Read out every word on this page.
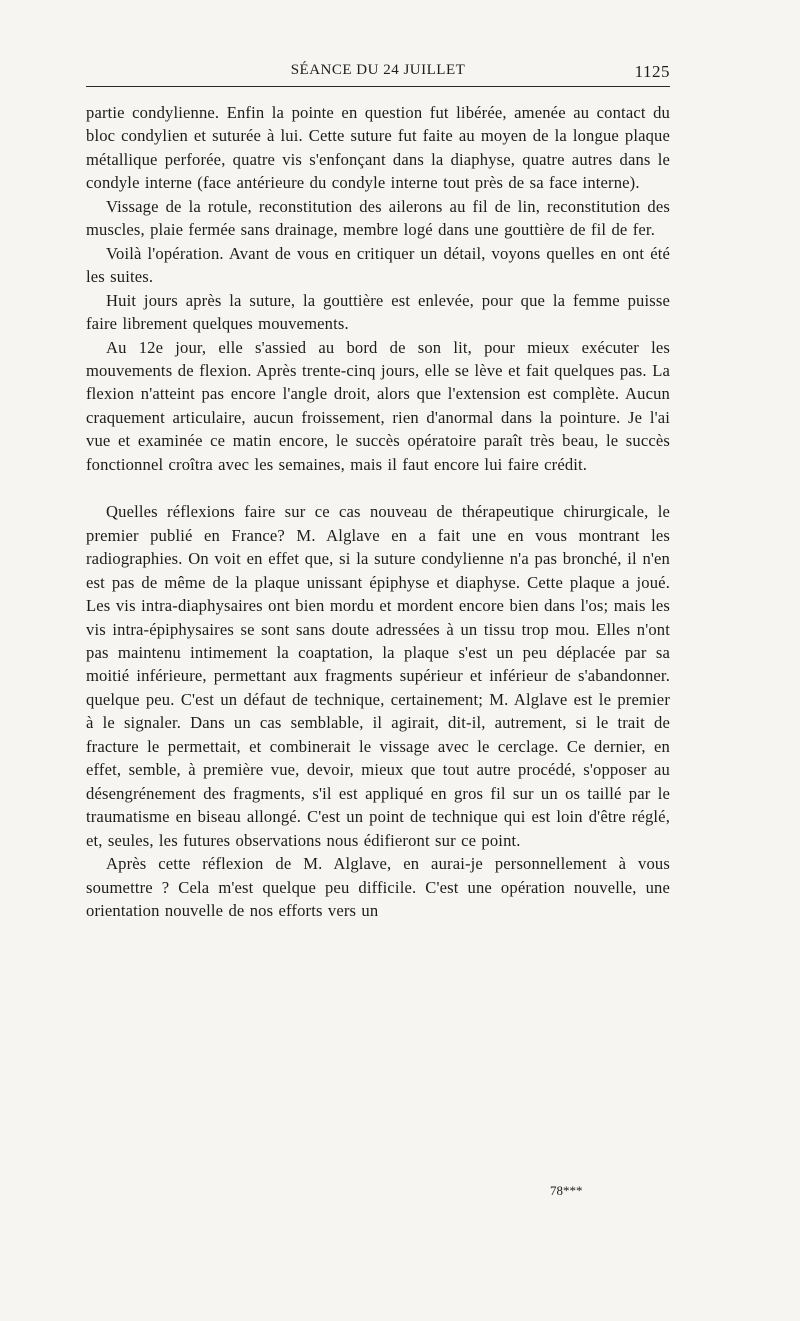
SÉANCE DU 24 JUILLET	1125

partie condylienne. Enfin la pointe en question fut libérée, amenée au contact du bloc condylien et suturée à lui. Cette suture fut faite au moyen de la longue plaque métallique perforée, quatre vis s'enfonçant dans la diaphyse, quatre autres dans le condyle interne (face antérieure du condyle interne tout près de sa face interne).

Vissage de la rotule, reconstitution des ailerons au fil de lin, reconstitution des muscles, plaie fermée sans drainage, membre logé dans une gouttière de fil de fer.

Voilà l'opération. Avant de vous en critiquer un détail, voyons quelles en ont été les suites.

Huit jours après la suture, la gouttière est enlevée, pour que la femme puisse faire librement quelques mouvements.

Au 12e jour, elle s'assied au bord de son lit, pour mieux exécuter les mouvements de flexion. Après trente-cinq jours, elle se lève et fait quelques pas. La flexion n'atteint pas encore l'angle droit, alors que l'extension est complète. Aucun craquement articulaire, aucun froissement, rien d'anormal dans la pointure. Je l'ai vue et examinée ce matin encore, le succès opératoire paraît très beau, le succès fonctionnel croîtra avec les semaines, mais il faut encore lui faire crédit.

Quelles réflexions faire sur ce cas nouveau de thérapeutique chirurgicale, le premier publié en France? M. Alglave en a fait une en vous montrant les radiographies. On voit en effet que, si la suture condylienne n'a pas bronché, il n'en est pas de même de la plaque unissant épiphyse et diaphyse. Cette plaque a joué. Les vis intra-diaphysaires ont bien mordu et mordent encore bien dans l'os; mais les vis intra-épiphysaires se sont sans doute adressées à un tissu trop mou. Elles n'ont pas maintenu intimement la coaptation, la plaque s'est un peu déplacée par sa moitié inférieure, permettant aux fragments supérieur et inférieur de s'abandonner. quelque peu. C'est un défaut de technique, certainement; M. Alglave est le premier à le signaler. Dans un cas semblable, il agirait, dit-il, autrement, si le trait de fracture le permettait, et combinerait le vissage avec le cerclage. Ce dernier, en effet, semble, à première vue, devoir, mieux que tout autre procédé, s'opposer au désengrénement des fragments, s'il est appliqué en gros fil sur un os taillé par le traumatisme en biseau allongé. C'est un point de technique qui est loin d'être réglé, et, seules, les futures observations nous édifieront sur ce point.

Après cette réflexion de M. Alglave, en aurai-je personnellement à vous soumettre ? Cela m'est quelque peu difficile. C'est une opération nouvelle, une orientation nouvelle de nos efforts vers un

78***
